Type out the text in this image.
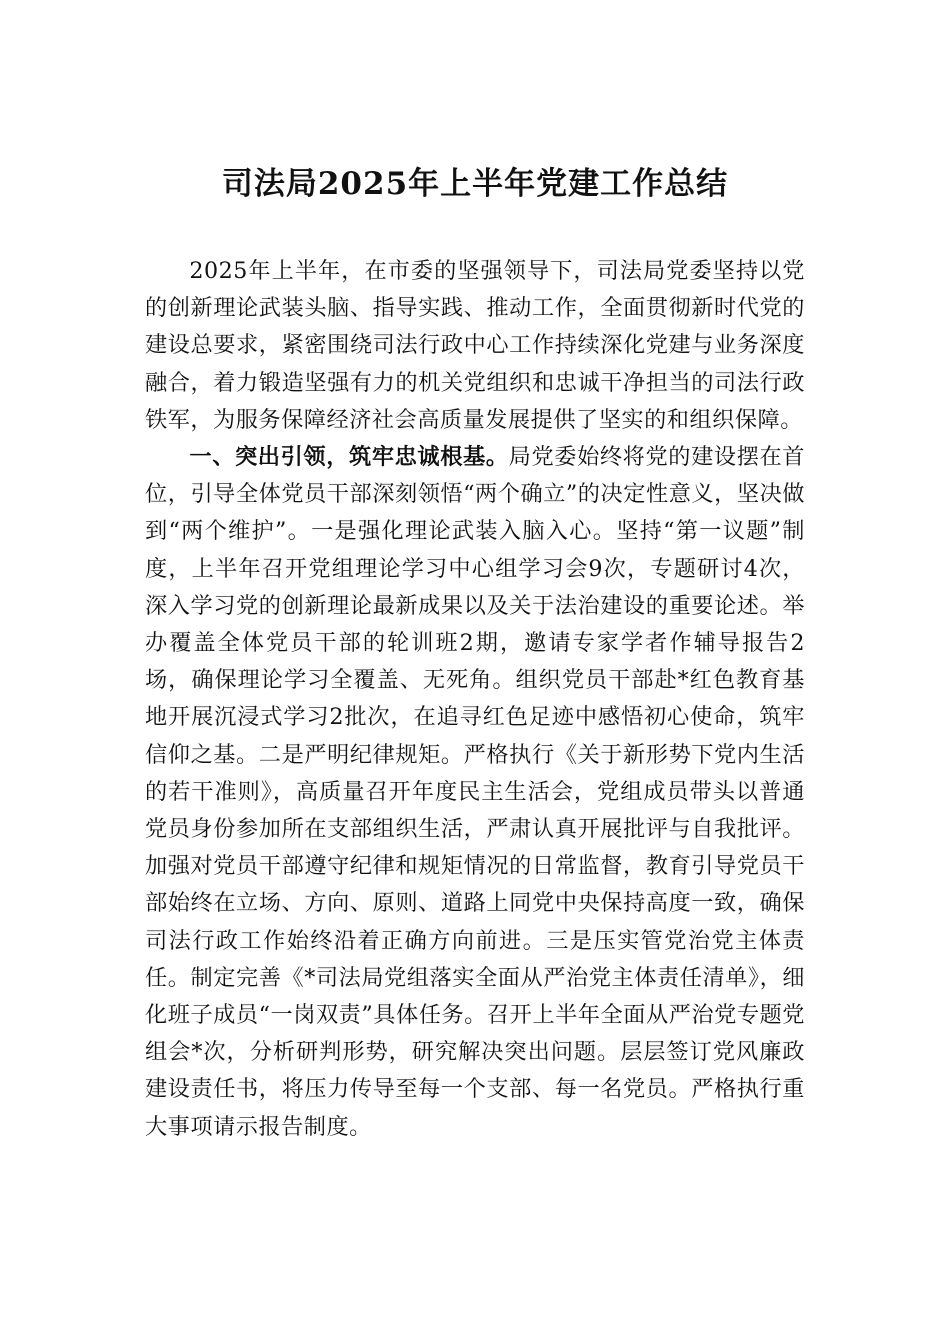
司法局2025年上半年党建工作总结

2025年上半年，在市委的坚强领导下，司法局党委坚持以党的创新理论武装头脑、指导实践、推动工作，全面贯彻新时代党的建设总要求，紧密围绕司法行政中心工作持续深化党建与业务深度融合，着力锻造坚强有力的机关党组织和忠诚干净担当的司法行政铁军，为服务保障经济社会高质量发展提供了坚实的和组织保障。

一、突出引领，筑牢忠诚根基。局党委始终将党的建设摆在首位，引导全体党员干部深刻领悟“两个确立”的决定性意义，坚决做到“两个维护”。一是强化理论武装入脑入心。坚持“第一议题”制度，上半年召开党组理论学习中心组学习会9次，专题研讨4次，深入学习党的创新理论最新成果以及关于法治建设的重要论述。举办覆盖全体党员干部的轮训班2期，邀请专家学者作辅导报告2场，确保理论学习全覆盖、无死角。组织党员干部赴*红色教育基地开展沉浸式学习2批次，在追寻红色足迹中感悟初心使命，筑牢信仰之基。二是严明纪律规矩。严格执行《关于新形势下党内生活的若干准则》，高质量召开年度民主生活会，党组成员带头以普通党员身份参加所在支部组织生活，严肃认真开展批评与自我批评。加强对党员干部遵守纪律和规矩情况的日常监督，教育引导党员干部始终在立场、方向、原则、道路上同党中央保持高度一致，确保司法行政工作始终沿着正确方向前进。三是压实管党治党主体责任。制定完善《*司法局党组落实全面从严治党主体责任清单》，细化班子成员“一岗双责”具体任务。召开上半年全面从严治党专题党组会*次，分析研判形势，研究解决突出问题。层层签订党风廉政建设责任书，将压力传导至每一个支部、每一名党员。严格执行重大事项请示报告制度。
